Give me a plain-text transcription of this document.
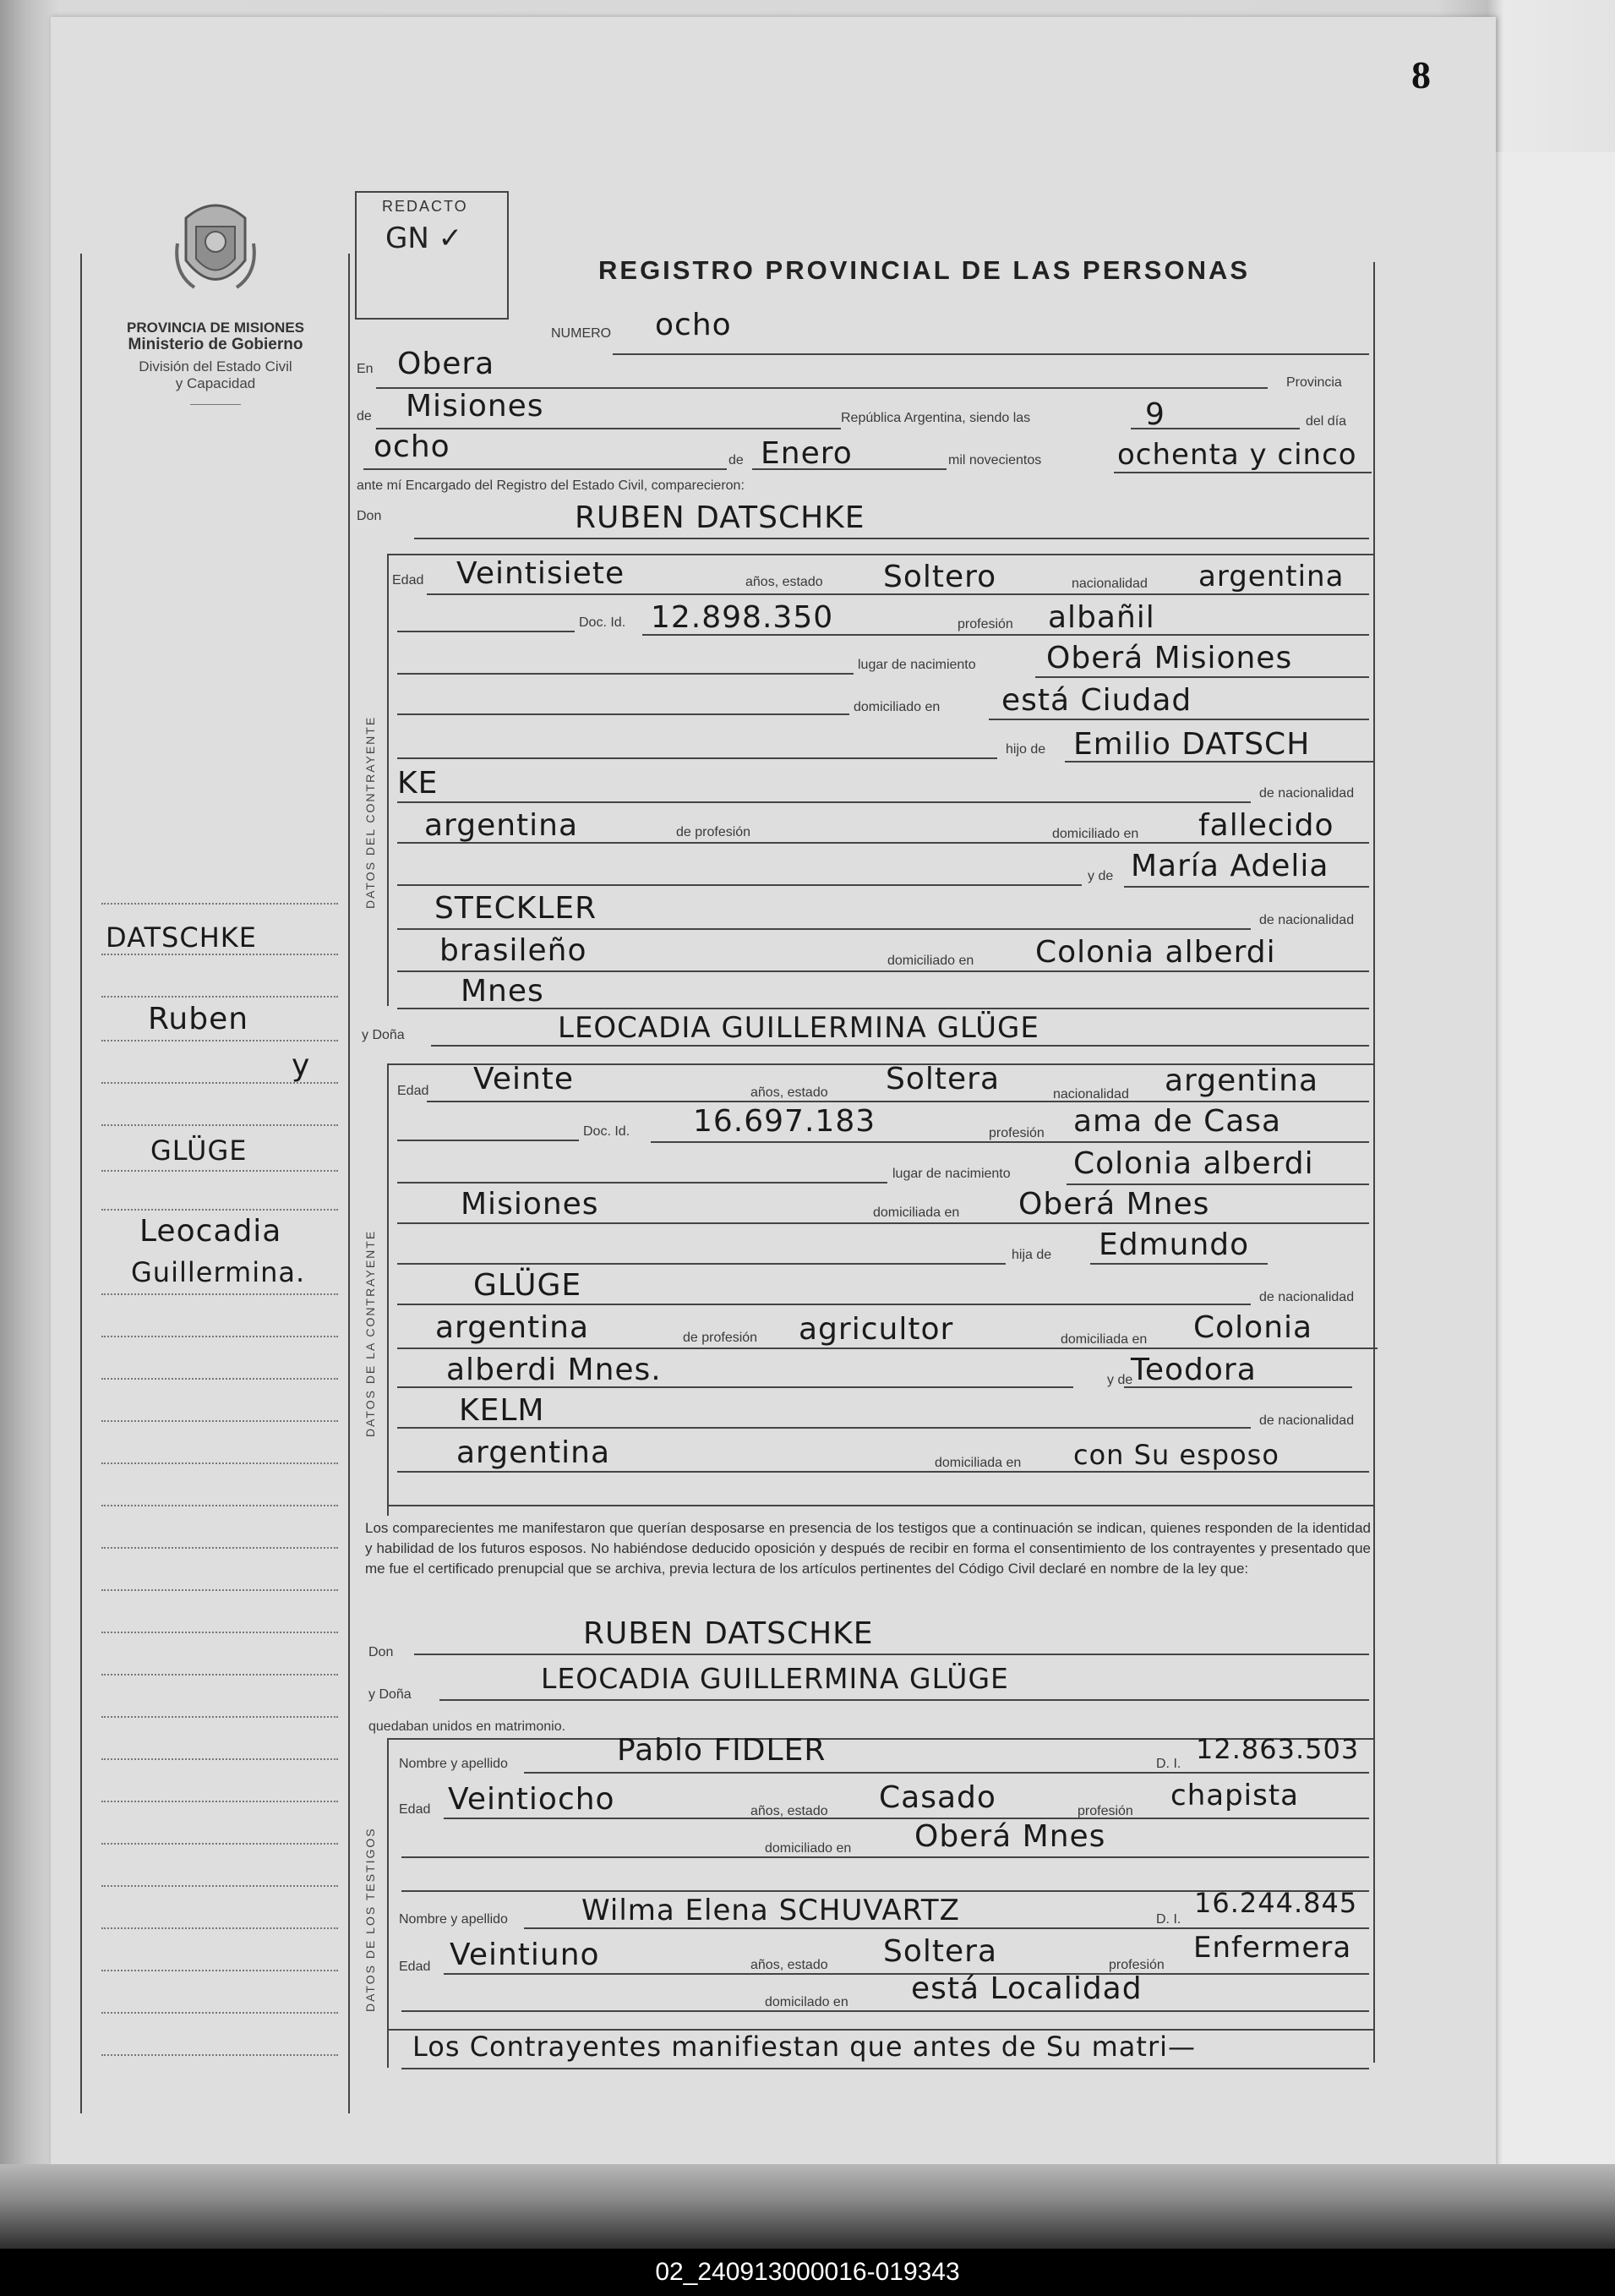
8
PROVINCIA DE MISIONES
Ministerio de Gobierno
División del Estado Civil
y Capacidad
REDACTO
GN ✓
REGISTRO PROVINCIAL DE LAS PERSONAS
DATSCHKE
Ruben
y
GLÜGE
Leocadia
Guillermina.
NUMERO ocho
En Obera
Provincia
de Misiones	República Argentina, siendo las	9	del día
ocho	de Enero	mil novecientos	ochenta y cinco
ante mí Encargado del Registro del Estado Civil, comparecieron:
Don	RUBEN DATSCHKE
DATOS DEL CONTRAYENTE
Edad Veintisiete	años, estado Soltero	nacionalidad argentina
Doc. Id. 12.898.350	profesión albañil
lugar de nacimiento Oberá Misiones
domiciliado en está Ciudad
hijo de Emilio DATSCH
KE	de nacionalidad
argentina	de profesión	domiciliado en fallecido
y de María Adelia
STECKLER	de nacionalidad
brasileño	domiciliado en Colonia alberdi
Mnes
y Doña	LEOCADIA GUILLERMINA GLÜGE
DATOS DE LA CONTRAYENTE
Edad Veinte	años, estado Soltera	nacionalidad argentina
Doc. Id. 16.697.183	profesión ama de Casa
lugar de nacimiento Colonia alberdi
Misiones	domiciliada en Oberá Mnes
hija de Edmundo
GLÜGE	de nacionalidad
argentina	de profesión agricultor	domiciliada en Colonia
alberdi Mnes.	y de
Teodora
KELM	de nacionalidad
argentina	domiciliada en con Su esposo
Los comparecientes me manifestaron que querían desposarse en presencia de los testigos que a continuación se indican, quienes responden de la identidad y habilidad de los futuros esposos. No habiéndose deducido oposición y después de recibir en forma el consentimiento de los contrayentes y presentado que me fue el certificado prenupcial que se archiva, previa lectura de los artículos pertinentes del Código Civil declaré en nombre de la ley que:
Don
RUBEN DATSCHKE
y Doña	LEOCADIA GUILLERMINA GLÜGE
quedaban unidos en matrimonio.
DATOS DE LOS TESTIGOS
Nombre y apellido	Pablo FIDLER	D. I. 12.863.503
Edad Veintiocho	años, estado Casado	profesión chapista
domiciliado en Oberá Mnes
Nombre y apellido	Wilma Elena SCHUVARTZ	D. I.
16.244.845
Edad Veintiuno	años, estado Soltera	profesión
Enfermera
domicilado en está Localidad
Los Contrayentes manifiestan que antes de Su matri—
02_240913000016-019343
